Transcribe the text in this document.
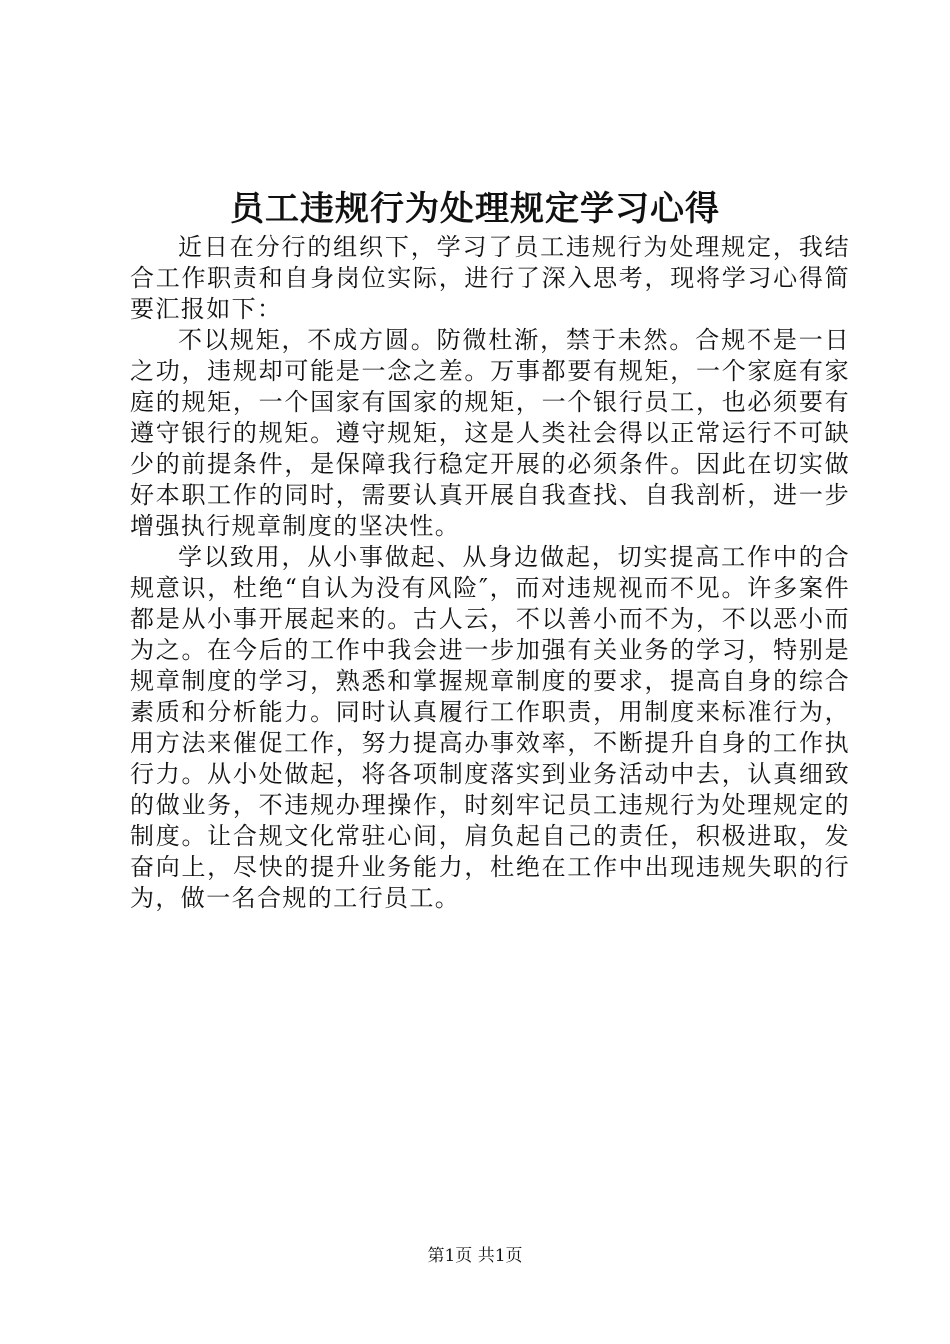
员工违规行为处理规定学习心得

近日在分行的组织下，学习了员工违规行为处理规定，我结合工作职责和自身岗位实际，进行了深入思考，现将学习心得简要汇报如下：

不以规矩，不成方圆。防微杜渐，禁于未然。合规不是一日之功，违规却可能是一念之差。万事都要有规矩，一个家庭有家庭的规矩，一个国家有国家的规矩，一个银行员工，也必须要有遵守银行的规矩。遵守规矩，这是人类社会得以正常运行不可缺少的前提条件，是保障我行稳定开展的必须条件。因此在切实做好本职工作的同时，需要认真开展自我查找、自我剖析，进一步增强执行规章制度的坚决性。

学以致用，从小事做起、从身边做起，切实提高工作中的合规意识，杜绝“自认为没有风险″，而对违规视而不见。许多案件都是从小事开展起来的。古人云，不以善小而不为，不以恶小而为之。在今后的工作中我会进一步加强有关业务的学习，特别是规章制度的学习，熟悉和掌握规章制度的要求，提高自身的综合素质和分析能力。同时认真履行工作职责，用制度来标准行为，用方法来催促工作，努力提高办事效率，不断提升自身的工作执行力。从小处做起，将各项制度落实到业务活动中去，认真细致的做业务，不违规办理操作，时刻牢记员工违规行为处理规定的制度。让合规文化常驻心间，肩负起自己的责任，积极进取，发奋向上，尽快的提升业务能力，杜绝在工作中出现违规失职的行为，做一名合规的工行员工。

第1页 共1页
